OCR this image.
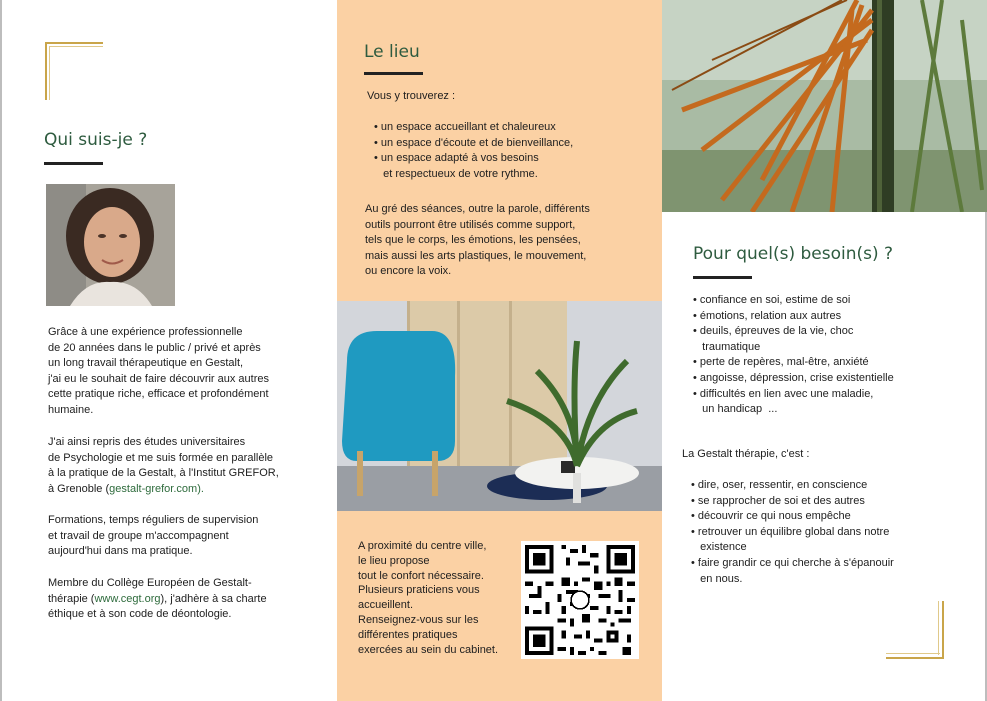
Qui suis-je ?
Grâce à une expérience professionnelle
de 20 années dans le public / privé et après
un long travail thérapeutique en Gestalt,
j'ai eu le souhait de faire découvrir aux autres
cette pratique riche, efficace et profondément
humaine.
J'ai ainsi repris des études universitaires
de Psychologie et me suis formée en parallèle
à la pratique de la Gestalt, à l'Institut GREFOR,
à Grenoble (gestalt-grefor.com).
Formations, temps réguliers de supervision
et travail de groupe m'accompagnent
aujourd'hui dans ma pratique.
Membre du Collège Européen de Gestalt-
thérapie (www.cegt.org), j'adhère à sa charte
éthique et à son code de déontologie.
Le lieu
Vous y trouverez :
• un espace accueillant et chaleureux
• un espace d'écoute et de bienveillance,
• un espace adapté à vos besoins
et respectueux de votre rythme.
Au gré des séances, outre la parole, différents
outils pourront être utilisés comme support,
tels que le corps, les émotions, les pensées,
mais aussi les arts plastiques, le mouvement,
ou encore la voix.
A proximité du centre ville,
le lieu propose
tout le confort nécessaire.
Plusieurs praticiens vous
accueillent.
Renseignez-vous sur les
différentes pratiques
exercées au sein du cabinet.
Pour quel(s) besoin(s) ?
• confiance en soi, estime de soi
• émotions, relation aux autres
• deuils, épreuves de la vie, choc
traumatique
• perte de repères, mal-être, anxiété
• angoisse, dépression, crise existentielle
• difficultés en lien avec une maladie,
un handicap  ...
La Gestalt thérapie, c'est :
• dire, oser, ressentir, en conscience
• se rapprocher de soi et des autres
• découvrir ce qui nous empêche
• retrouver un équilibre global dans notre
existence
• faire grandir ce qui cherche à s'épanouir
en nous.
